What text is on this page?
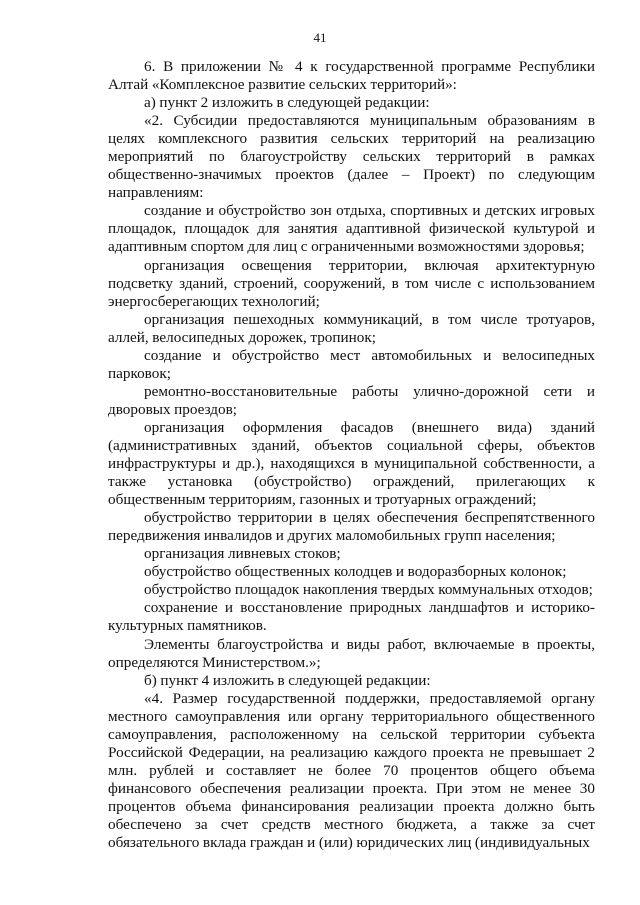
41

6. В приложении № 4 к государственной программе Республики Алтай «Комплексное развитие сельских территорий»:

а) пункт 2 изложить в следующей редакции:

«2. Субсидии предоставляются муниципальным образованиям в целях комплексного развития сельских территорий на реализацию мероприятий по благоустройству сельских территорий в рамках общественно-значимых проектов (далее – Проект) по следующим направлениям:

создание и обустройство зон отдыха, спортивных и детских игровых площадок, площадок для занятия адаптивной физической культурой и адаптивным спортом для лиц с ограниченными возможностями здоровья;

организация освещения территории, включая архитектурную подсветку зданий, строений, сооружений, в том числе с использованием энергосберегающих технологий;

организация пешеходных коммуникаций, в том числе тротуаров, аллей, велосипедных дорожек, тропинок;

создание и обустройство мест автомобильных и велосипедных парковок;

ремонтно-восстановительные работы улично-дорожной сети и дворовых проездов;

организация оформления фасадов (внешнего вида) зданий (административных зданий, объектов социальной сферы, объектов инфраструктуры и др.), находящихся в муниципальной собственности, а также установка (обустройство) ограждений, прилегающих к общественным территориям, газонных и тротуарных ограждений;

обустройство территории в целях обеспечения беспрепятственного передвижения инвалидов и других маломобильных групп населения;

организация ливневых стоков;

обустройство общественных колодцев и водоразборных колонок;

обустройство площадок накопления твердых коммунальных отходов;

сохранение и восстановление природных ландшафтов и историко-культурных памятников.

Элементы благоустройства и виды работ, включаемые в проекты, определяются Министерством.»;

б) пункт 4 изложить в следующей редакции:

«4. Размер государственной поддержки, предоставляемой органу местного самоуправления или органу территориального общественного самоуправления, расположенному на сельской территории субъекта Российской Федерации, на реализацию каждого проекта не превышает 2 млн. рублей и составляет не более 70 процентов общего объема финансового обеспечения реализации проекта. При этом не менее 30 процентов объема финансирования реализации проекта должно быть обеспечено за счет средств местного бюджета, а также за счет обязательного вклада граждан и (или) юридических лиц (индивидуальных
